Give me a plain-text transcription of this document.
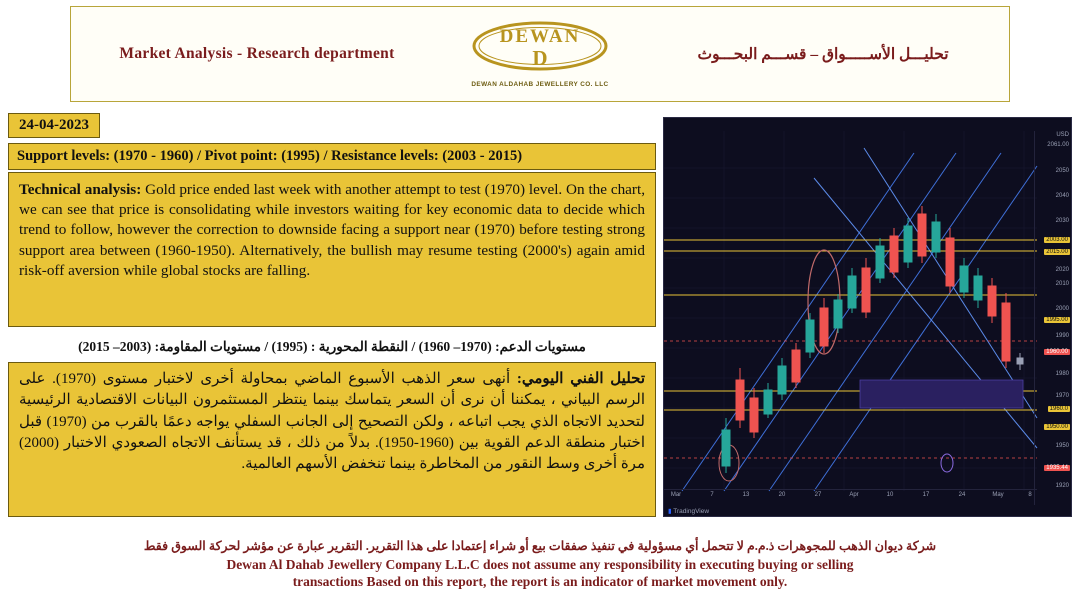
Market Analysis - Research department
DEWAN
D
DEWAN ALDAHAB JEWELLERY CO. LLC
تحليـــل الأســـــواق – قســـم البحـــوث
24-04-2023
Support levels: (1970 - 1960) / Pivot point: (1995) / Resistance levels: (2003 - 2015)
Technical analysis: Gold price ended last week with another attempt to test (1970) level. On the chart, we can see that price is consolidating while investors waiting for key economic data to decide which trend to follow, however the correction to downside facing a support near (1970) before testing strong support area between (1960-1950). Alternatively, the bullish may resume testing (2000's) again amid risk-off aversion while global stocks are falling.
مستويات الدعم: (1970– 1960) / النقطة المحورية : (1995) / مستويات المقاومة: (2003– 2015)
تحليل الفني اليومي: أنهى سعر الذهب الأسبوع الماضي بمحاولة أخرى لاختبار مستوى (1970). على الرسم البياني ، يمكننا أن نرى أن السعر يتماسك بينما ينتظر المستثمرون البيانات الاقتصادية الرئيسية لتحديد الاتجاه الذي يجب اتباعه ، ولكن التصحيح إلى الجانب السفلي يواجه دعمًا بالقرب من (1970) قبل اختبار منطقة الدعم القوية بين (1960-1950). بدلاً من ذلك ، قد يستأنف الاتجاه الصعودي الاختبار (2000) مرة أخرى وسط النقور من المخاطرة بينما تنخفض الأسهم العالمية.
USD
2061.00
2050
2040
2030
2003.00
2015.00
2020
2010
2000
1995.00
1990
1960.00
1980
1970
1960.0
1950.00
1950
1935.44
1920
Mar	7	13	20	27	Apr	10	17	24	May	8
▮ TradingView
شركة ديوان الذهب للمجوهرات ذ.م.م لا تتحمل أي مسؤولية في تنفيذ صفقات بيع أو شراء إعتمادا على هذا التقرير. التقرير عبارة عن مؤشر لحركة السوق فقط
Dewan Al Dahab Jewellery Company L.L.C does not assume any responsibility in executing buying or selling
transactions Based on this report, the report is an indicator of market movement only.
